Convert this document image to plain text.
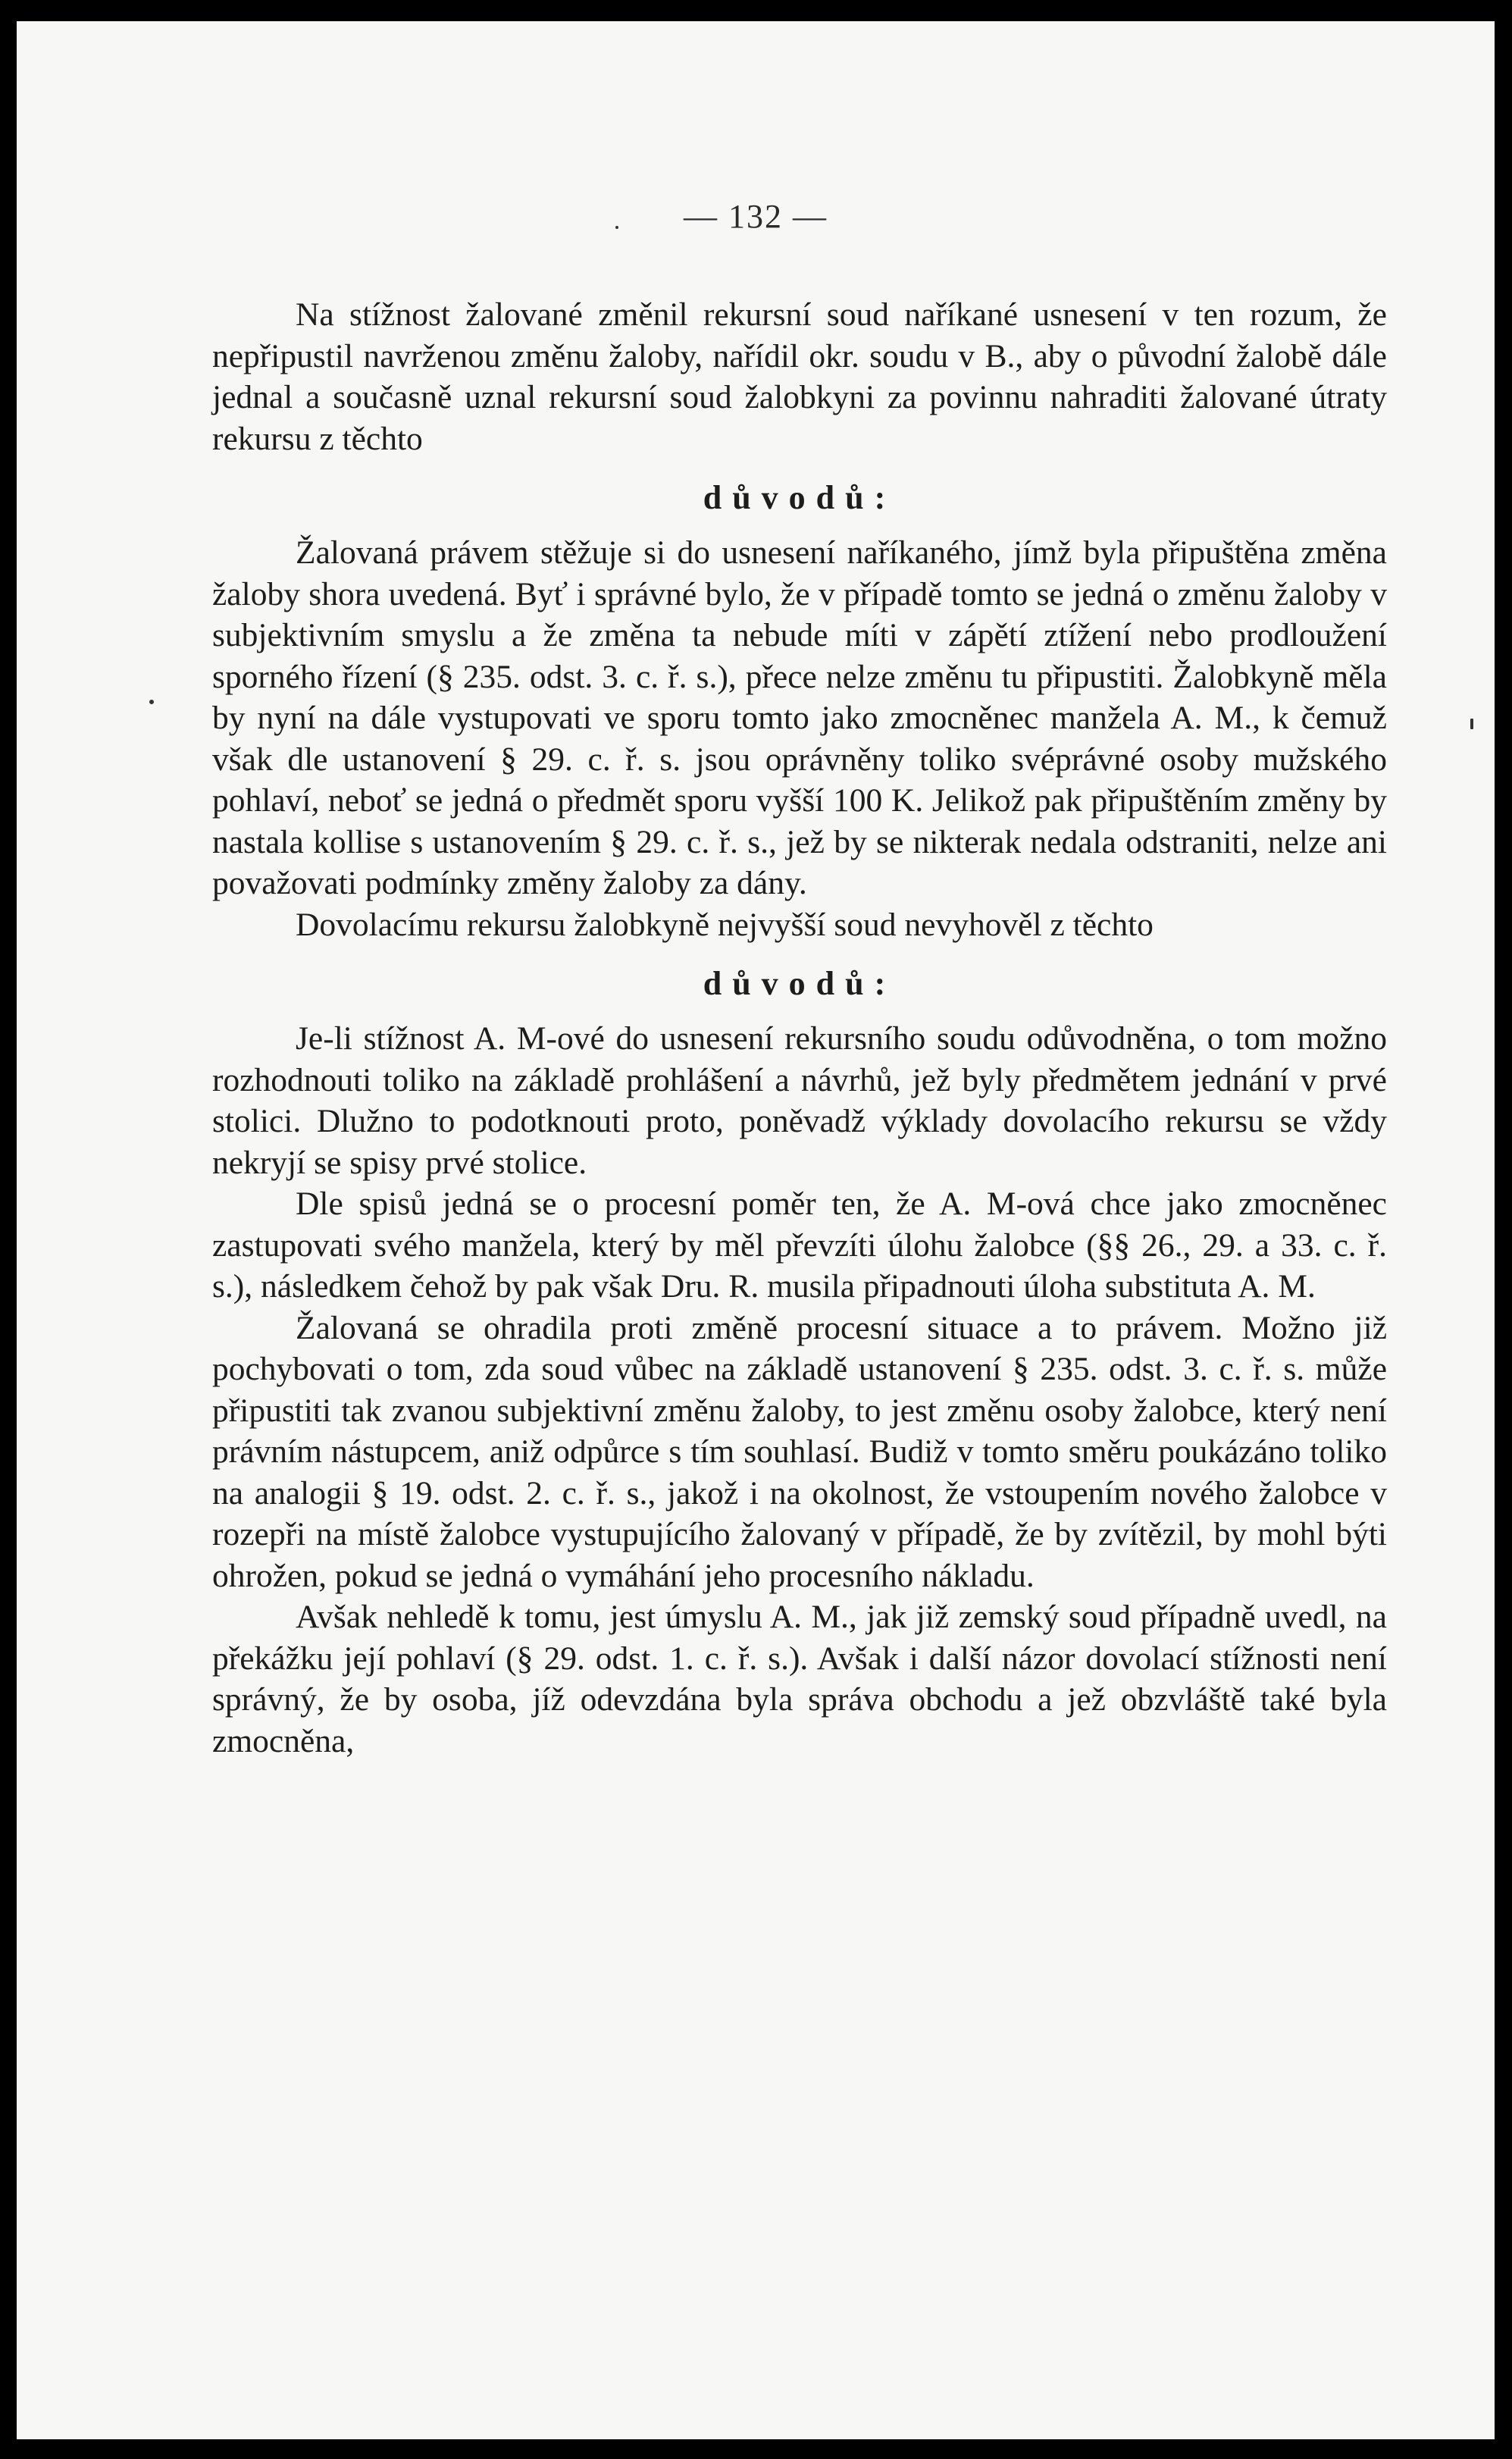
— 132 —

Na stížnost žalované změnil rekursní soud naříkané usnesení v ten rozum, že nepřipustil navrženou změnu žaloby, nařídil okr. soudu v B., aby o původní žalobě dále jednal a současně uznal rekursní soud žalobkyni za povinnu nahraditi žalované útraty rekursu z těchto

důvodů:

Žalovaná právem stěžuje si do usnesení naříkaného, jímž byla připuštěna změna žaloby shora uvedená. Byť i správné bylo, že v případě tomto se jedná o změnu žaloby v subjektivním smyslu a že změna ta nebude míti v zápětí ztížení nebo prodloužení sporného řízení (§ 235. odst. 3. c. ř. s.), přece nelze změnu tu připustiti. Žalobkyně měla by nyní na dále vystupovati ve sporu tomto jako zmocněnec manžela A. M., k čemuž však dle ustanovení § 29. c. ř. s. jsou oprávněny toliko svéprávné osoby mužského pohlaví, neboť se jedná o předmět sporu vyšší 100 K. Jelikož pak připuštěním změny by nastala kollise s ustanovením § 29. c. ř. s., jež by se nikterak nedala odstraniti, nelze ani považovati podmínky změny žaloby za dány.

Dovolacímu rekursu žalobkyně nejvyšší soud nevyhověl z těchto

důvodů:

Je-li stížnost A. M-ové do usnesení rekursního soudu odůvodněna, o tom možno rozhodnouti toliko na základě prohlášení a návrhů, jež byly předmětem jednání v prvé stolici. Dlužno to podotknouti proto, poněvadž výklady dovolacího rekursu se vždy nekryjí se spisy prvé stolice.

Dle spisů jedná se o procesní poměr ten, že A. M-ová chce jako zmocněnec zastupovati svého manžela, který by měl převzíti úlohu žalobce (§§ 26., 29. a 33. c. ř. s.), následkem čehož by pak však Dru. R. musila připadnouti úloha substituta A. M.

Žalovaná se ohradila proti změně procesní situace a to právem. Možno již pochybovati o tom, zda soud vůbec na základě ustanovení § 235. odst. 3. c. ř. s. může připustiti tak zvanou subjektivní změnu žaloby, to jest změnu osoby žalobce, který není právním nástupcem, aniž odpůrce s tím souhlasí. Budiž v tomto směru poukázáno toliko na analogii § 19. odst. 2. c. ř. s., jakož i na okolnost, že vstoupením nového žalobce v rozepři na místě žalobce vystupujícího žalovaný v případě, že by zvítězil, by mohl býti ohrožen, pokud se jedná o vymáhání jeho procesního nákladu.

Avšak nehledě k tomu, jest úmyslu A. M., jak již zemský soud případně uvedl, na překážku její pohlaví (§ 29. odst. 1. c. ř. s.). Avšak i další názor dovolací stížnosti není správný, že by osoba, jíž odevzdána byla správa obchodu a jež obzvláště také byla zmocněna,
